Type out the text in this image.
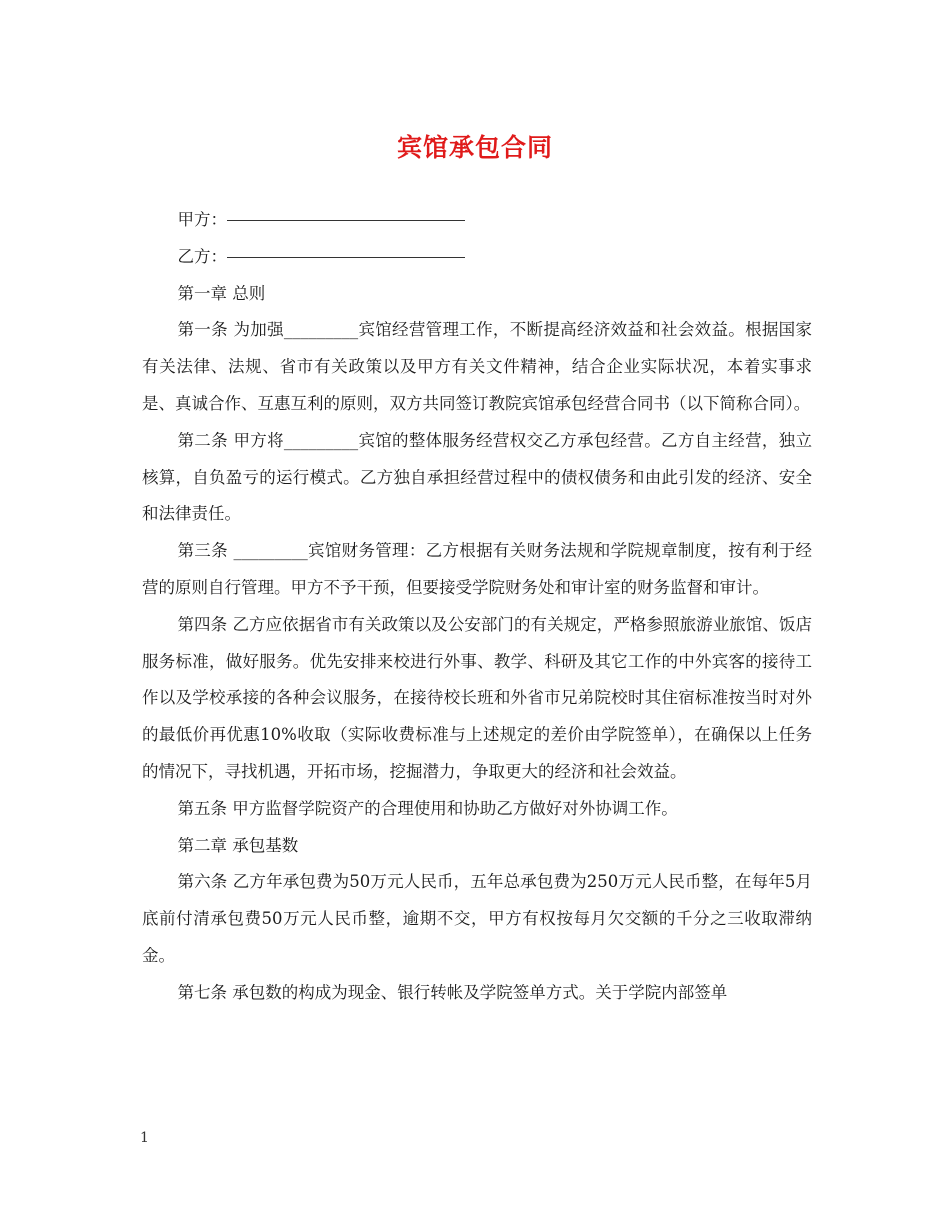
宾馆承包合同

甲方：

乙方：

第一章 总则

第一条 为加强_________宾馆经营管理工作，不断提高经济效益和社会效益。根据国家有关法律、法规、省市有关政策以及甲方有关文件精神，结合企业实际状况，本着实事求是、真诚合作、互惠互利的原则，双方共同签订教院宾馆承包经营合同书（以下简称合同）。

第二条 甲方将_________宾馆的整体服务经营权交乙方承包经营。乙方自主经营，独立核算，自负盈亏的运行模式。乙方独自承担经营过程中的债权债务和由此引发的经济、安全和法律责任。

第三条 _________宾馆财务管理：乙方根据有关财务法规和学院规章制度，按有利于经营的原则自行管理。甲方不予干预，但要接受学院财务处和审计室的财务监督和审计。

第四条 乙方应依据省市有关政策以及公安部门的有关规定，严格参照旅游业旅馆、饭店服务标准，做好服务。优先安排来校进行外事、教学、科研及其它工作的中外宾客的接待工作以及学校承接的各种会议服务，在接待校长班和外省市兄弟院校时其住宿标准按当时对外的最低价再优惠10%收取（实际收费标准与上述规定的差价由学院签单），在确保以上任务的情况下，寻找机遇，开拓市场，挖掘潜力，争取更大的经济和社会效益。

第五条 甲方监督学院资产的合理使用和协助乙方做好对外协调工作。

第二章 承包基数

第六条 乙方年承包费为50万元人民币，五年总承包费为250万元人民币整，在每年5月底前付清承包费50万元人民币整，逾期不交，甲方有权按每月欠交额的千分之三收取滞纳金。

第七条 承包数的构成为现金、银行转帐及学院签单方式。关于学院内部签单

1
